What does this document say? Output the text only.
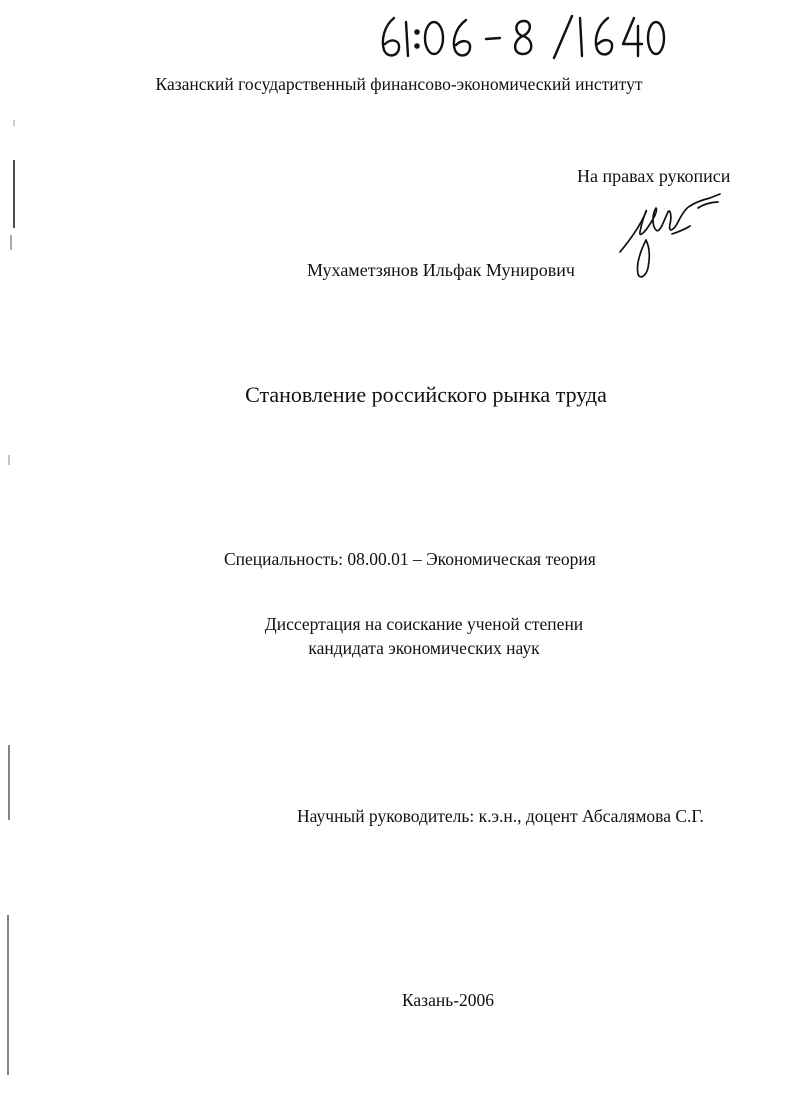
Казанский государственный финансово-экономический институт
На правах рукописи
Мухаметзянов Ильфак Мунирович
Становление российского рынка труда
Специальность: 08.00.01 – Экономическая теория
Диссертация на соискание ученой степени
кандидата экономических наук
Научный руководитель: к.э.н., доцент Абсалямова С.Г.
Казань-2006
